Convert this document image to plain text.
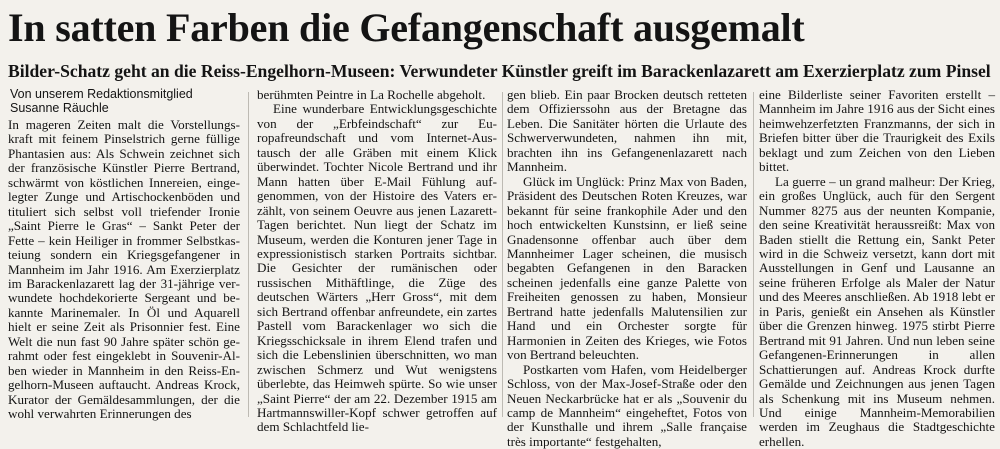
In satten Farben die Gefangenschaft ausgemalt
Bilder-Schatz geht an die Reiss-Engelhorn-Museen: Verwundeter Künstler greift im Barackenlazarett am Exerzierplatz zum Pinsel
Von unserem Redaktionsmitglied
Susanne Räuchle

In mageren Zeiten malt die Vorstellungskraft mit feinem Pinselstrich gerne füllige Phantasien aus: Als Schwein zeichnet sich der französische Künstler Pierre Bertrand, schwärmt von köstlichen Innereien, eingelegter Zunge und Artischockenböden und tituliert sich selbst voll triefender Ironie „Saint Pierre le Gras“ – Sankt Peter der Fette – kein Heiliger in frommer Selbstkasteiung sondern ein Kriegsgefangener in Mannheim im Jahr 1916. Am Exerzierplatz im Barackenlazarett lag der 31-jährige verwundete hochdekorierte Sergeant und bekannte Marinemaler. In Öl und Aquarell hielt er seine Zeit als Prisonnier fest. Eine Welt die nun fast 90 Jahre später schön gerahmt oder fest eingeklebt in Souvenir-Alben wieder in Mannheim in den Reiss-Engelhorn-Museen auftaucht. Andreas Krock, Kurator der Gemäldesammlungen, der die wohl verwahrten Erinnerungen des

berühmten Peintre in La Rochelle abgeholt.

Eine wunderbare Entwicklungsgeschichte von der „Erbfeindschaft“ zur Europafreundschaft und vom Internet-Austausch der alle Gräben mit einem Klick überwindet. Tochter Nicole Bertrand und ihr Mann hatten über E-Mail Fühlung aufgenommen, von der Histoire des Vaters erzählt, von seinem Oeuvre aus jenen Lazarett-Tagen berichtet. Nun liegt der Schatz im Museum, werden die Konturen jener Tage in expressionistisch starken Portraits sichtbar. Die Gesichter der rumänischen oder russischen Mithäftlinge, die Züge des deutschen Wärters „Herr Gross“, mit dem sich Bertrand offenbar anfreundete, ein zartes Pastell vom Barackenlager wo sich die Kriegsschicksale in ihrem Elend trafen und sich die Lebenslinien überschnitten, wo man zwischen Schmerz und Wut wenigstens überlebte, das Heimweh spürte. So wie unser „Saint Pierre“ der am 22. Dezember 1915 am Hartmannswiller-Kopf schwer getroffen auf dem Schlachtfeld lie-

gen blieb. Ein paar Brocken deutsch retteten dem Offizierssohn aus der Bretagne das Leben. Die Sanitäter hörten die Urlaute des Schwerverwundeten, nahmen ihn mit, brachten ihn ins Gefangenenlazarett nach Mannheim.

Glück im Unglück: Prinz Max von Baden, Präsident des Deutschen Roten Kreuzes, war bekannt für seine frankophile Ader und den hoch entwickelten Kunstsinn, er ließ seine Gnadensonne offenbar auch über dem Mannheimer Lager scheinen, die musisch begabten Gefangenen in den Baracken scheinen jedenfalls eine ganze Palette von Freiheiten genossen zu haben, Monsieur Bertrand hatte jedenfalls Malutensilien zur Hand und ein Orchester sorgte für Harmonien in Zeiten des Krieges, wie Fotos von Bertrand beleuchten.

Postkarten vom Hafen, vom Heidelberger Schloss, von der Max-Josef-Straße oder den Neuen Neckarbrücke hat er als „Souvenir du camp de Mannheim“ eingeheftet, Fotos von der Kunsthalle und ihrem „Salle française très importante“ festgehalten,

eine Bilderliste seiner Favoriten erstellt – Mannheim im Jahre 1916 aus der Sicht eines heimwehzerfetzten Franzmanns, der sich in Briefen bitter über die Traurigkeit des Exils beklagt und zum Zeichen von den Lieben bittet.

La guerre – un grand malheur: Der Krieg, ein großes Unglück, auch für den Sergent Nummer 8275 aus der neunten Kompanie, den seine Kreativität heraussreißt: Max von Baden stiellt die Rettung ein, Sankt Peter wird in die Schweiz versetzt, kann dort mit Ausstellungen in Genf und Lausanne an seine früheren Erfolge als Maler der Natur und des Meeres anschließen. Ab 1918 lebt er in Paris, genießt ein Ansehen als Künstler über die Grenzen hinweg. 1975 stirbt Pierre Bertrand mit 91 Jahren. Und nun leben seine Gefangenen-Erinnerungen in allen Schattierungen auf. Andreas Krock durfte Gemälde und Zeichnungen aus jenen Tagen als Schenkung mit ins Museum nehmen. Und einige Mannheim-Memorabilien werden im Zeughaus die Stadtgeschichte erhellen.
